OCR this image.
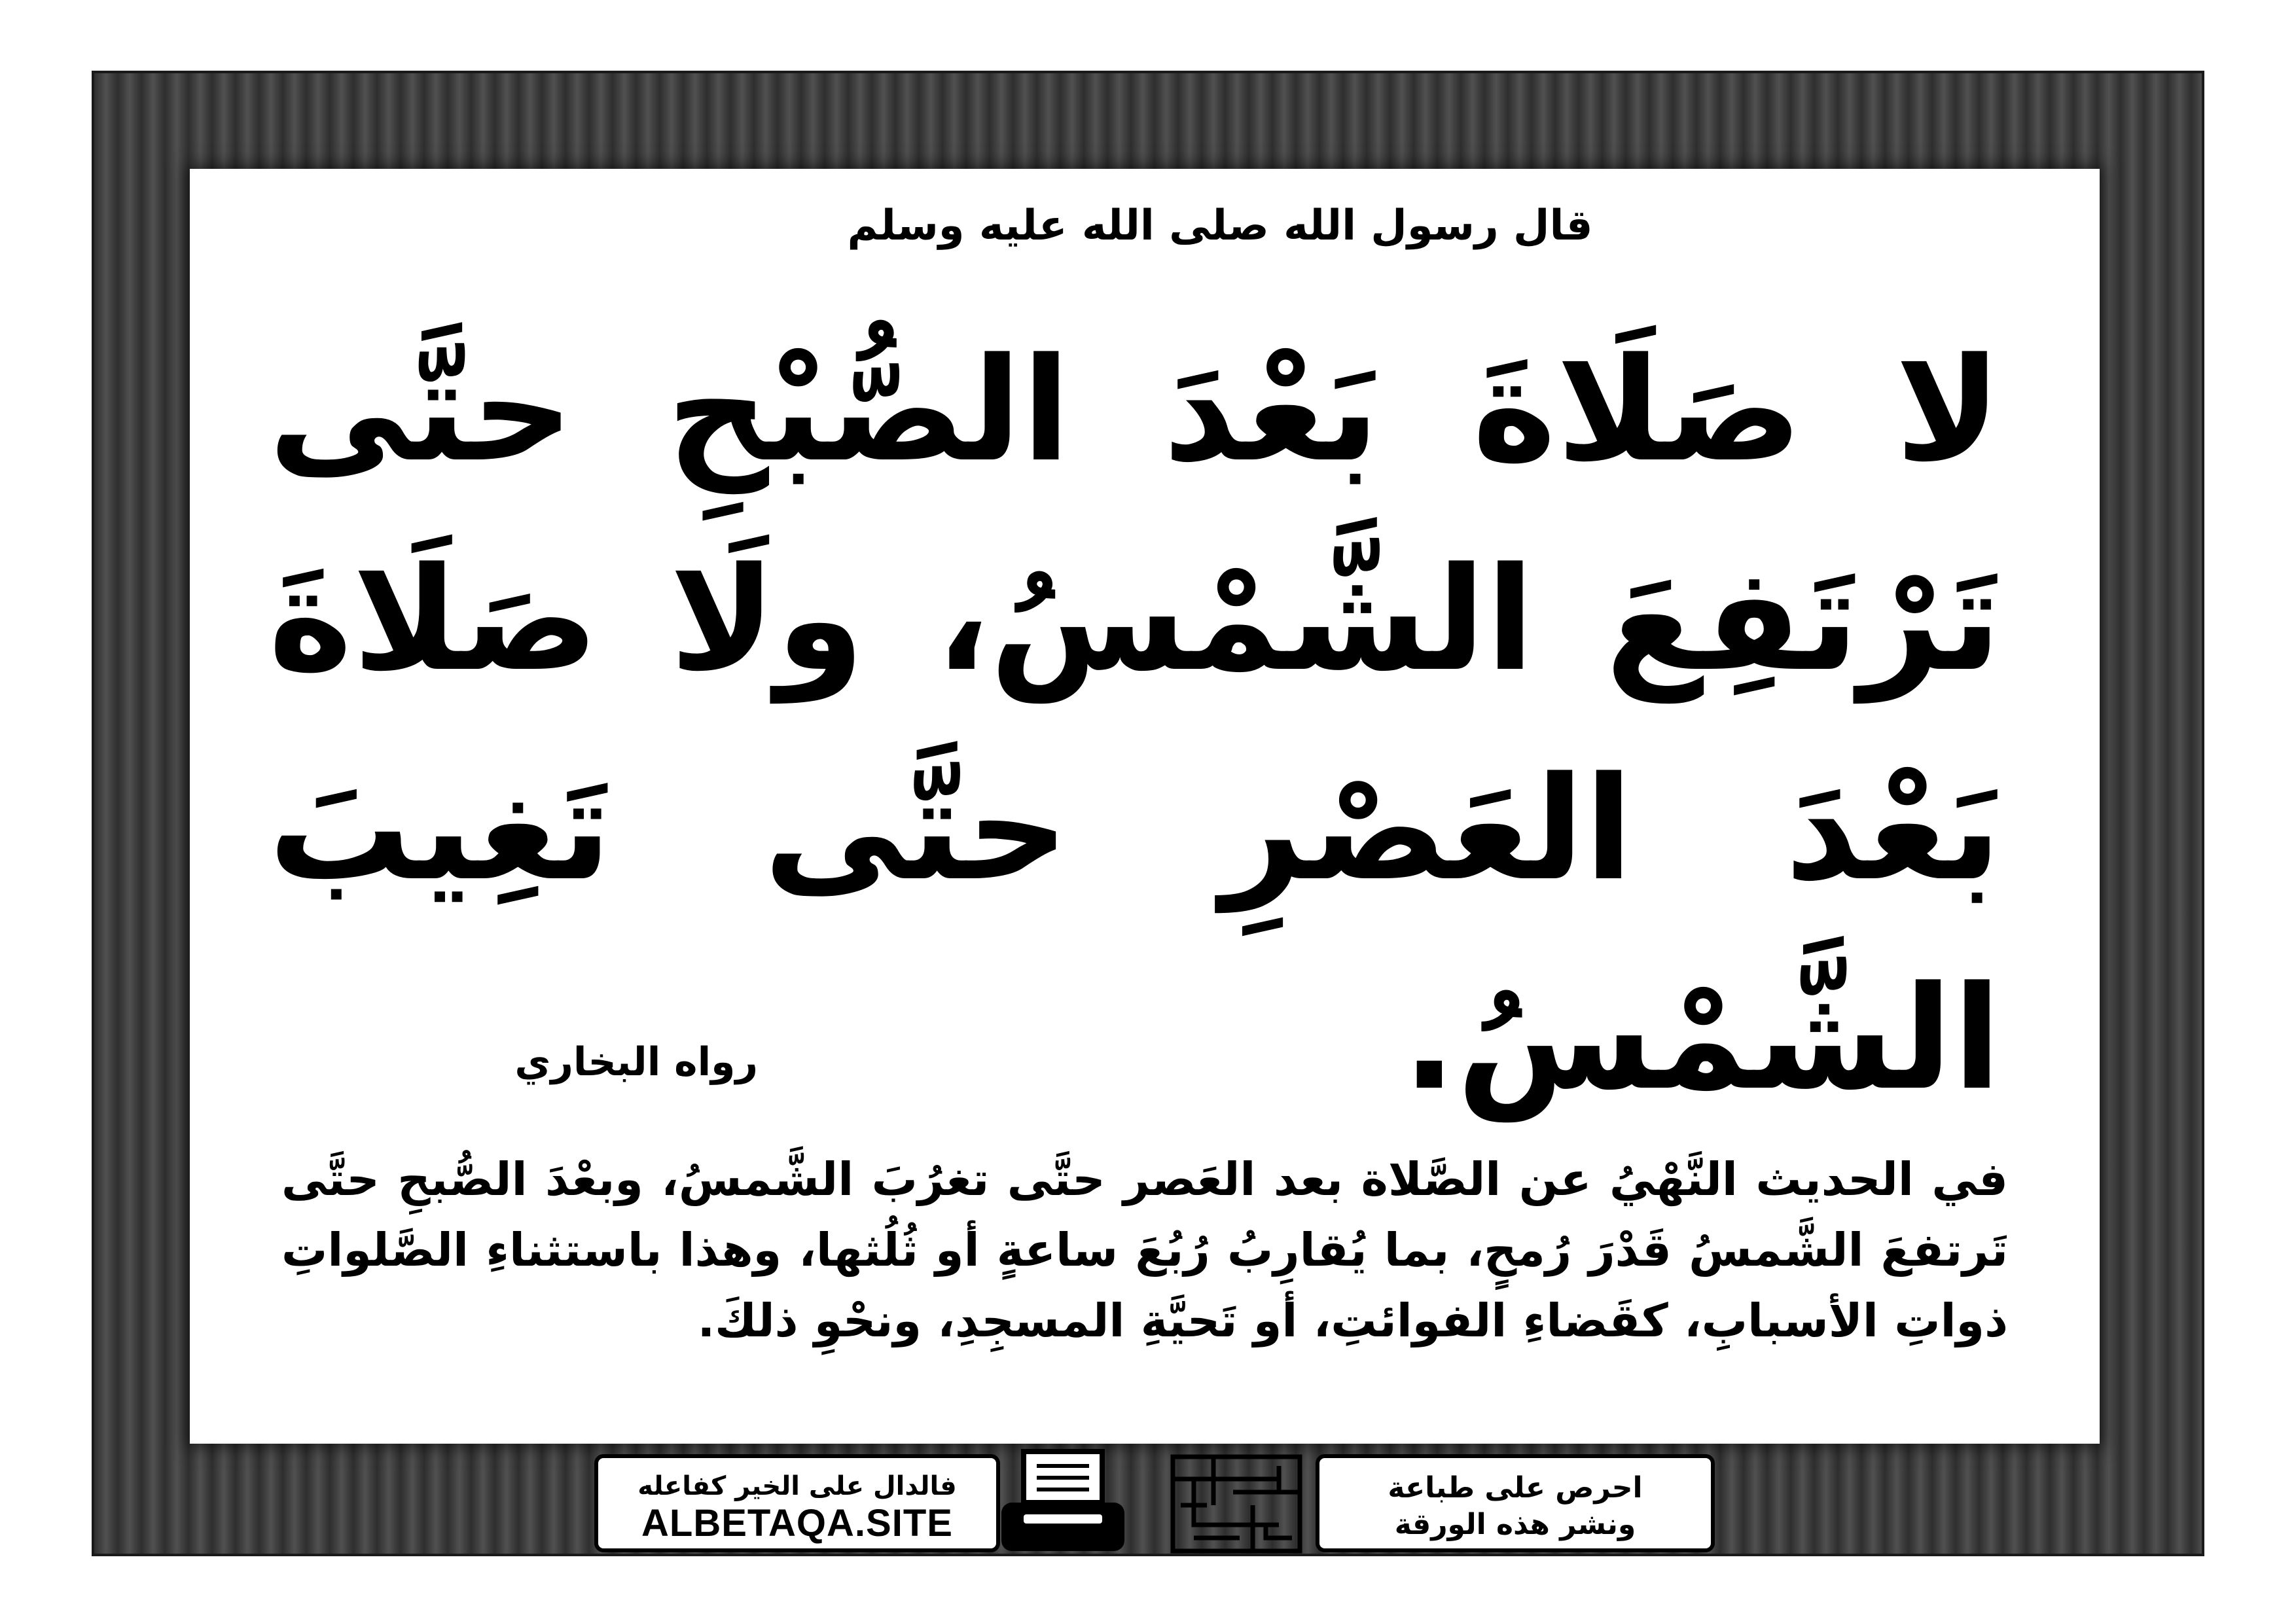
قال رسول الله صلى الله عليه وسلم
لا صَلَاةَ بَعْدَ الصُّبْحِ حتَّى تَرْتَفِعَ الشَّمْسُ، ولَا صَلَاةَ بَعْدَ العَصْرِ حتَّى تَغِيبَ الشَّمْسُ.
رواه البخاري
في الحديث النَّهْيُ عن الصَّلاة بعد العَصر حتَّى تغرُبَ الشَّمسُ، وبعْدَ الصُّبحِ حتَّى تَرتفعَ الشَّمسُ قَدْرَ رُمحٍ، بما يُقارِبُ رُبُعَ ساعةٍ أو ثُلُثها، وهذا باستثناءِ الصَّلواتِ ذواتِ الأسبابِ، كقَضاءِ الفوائتِ، أو تَحيَّةِ المسجِدِ، ونحْوِ ذلكَ.
فالدال على الخير كفاعله
ALBETAQA.SITE
احرص على طباعة
ونشر هذه الورقة
